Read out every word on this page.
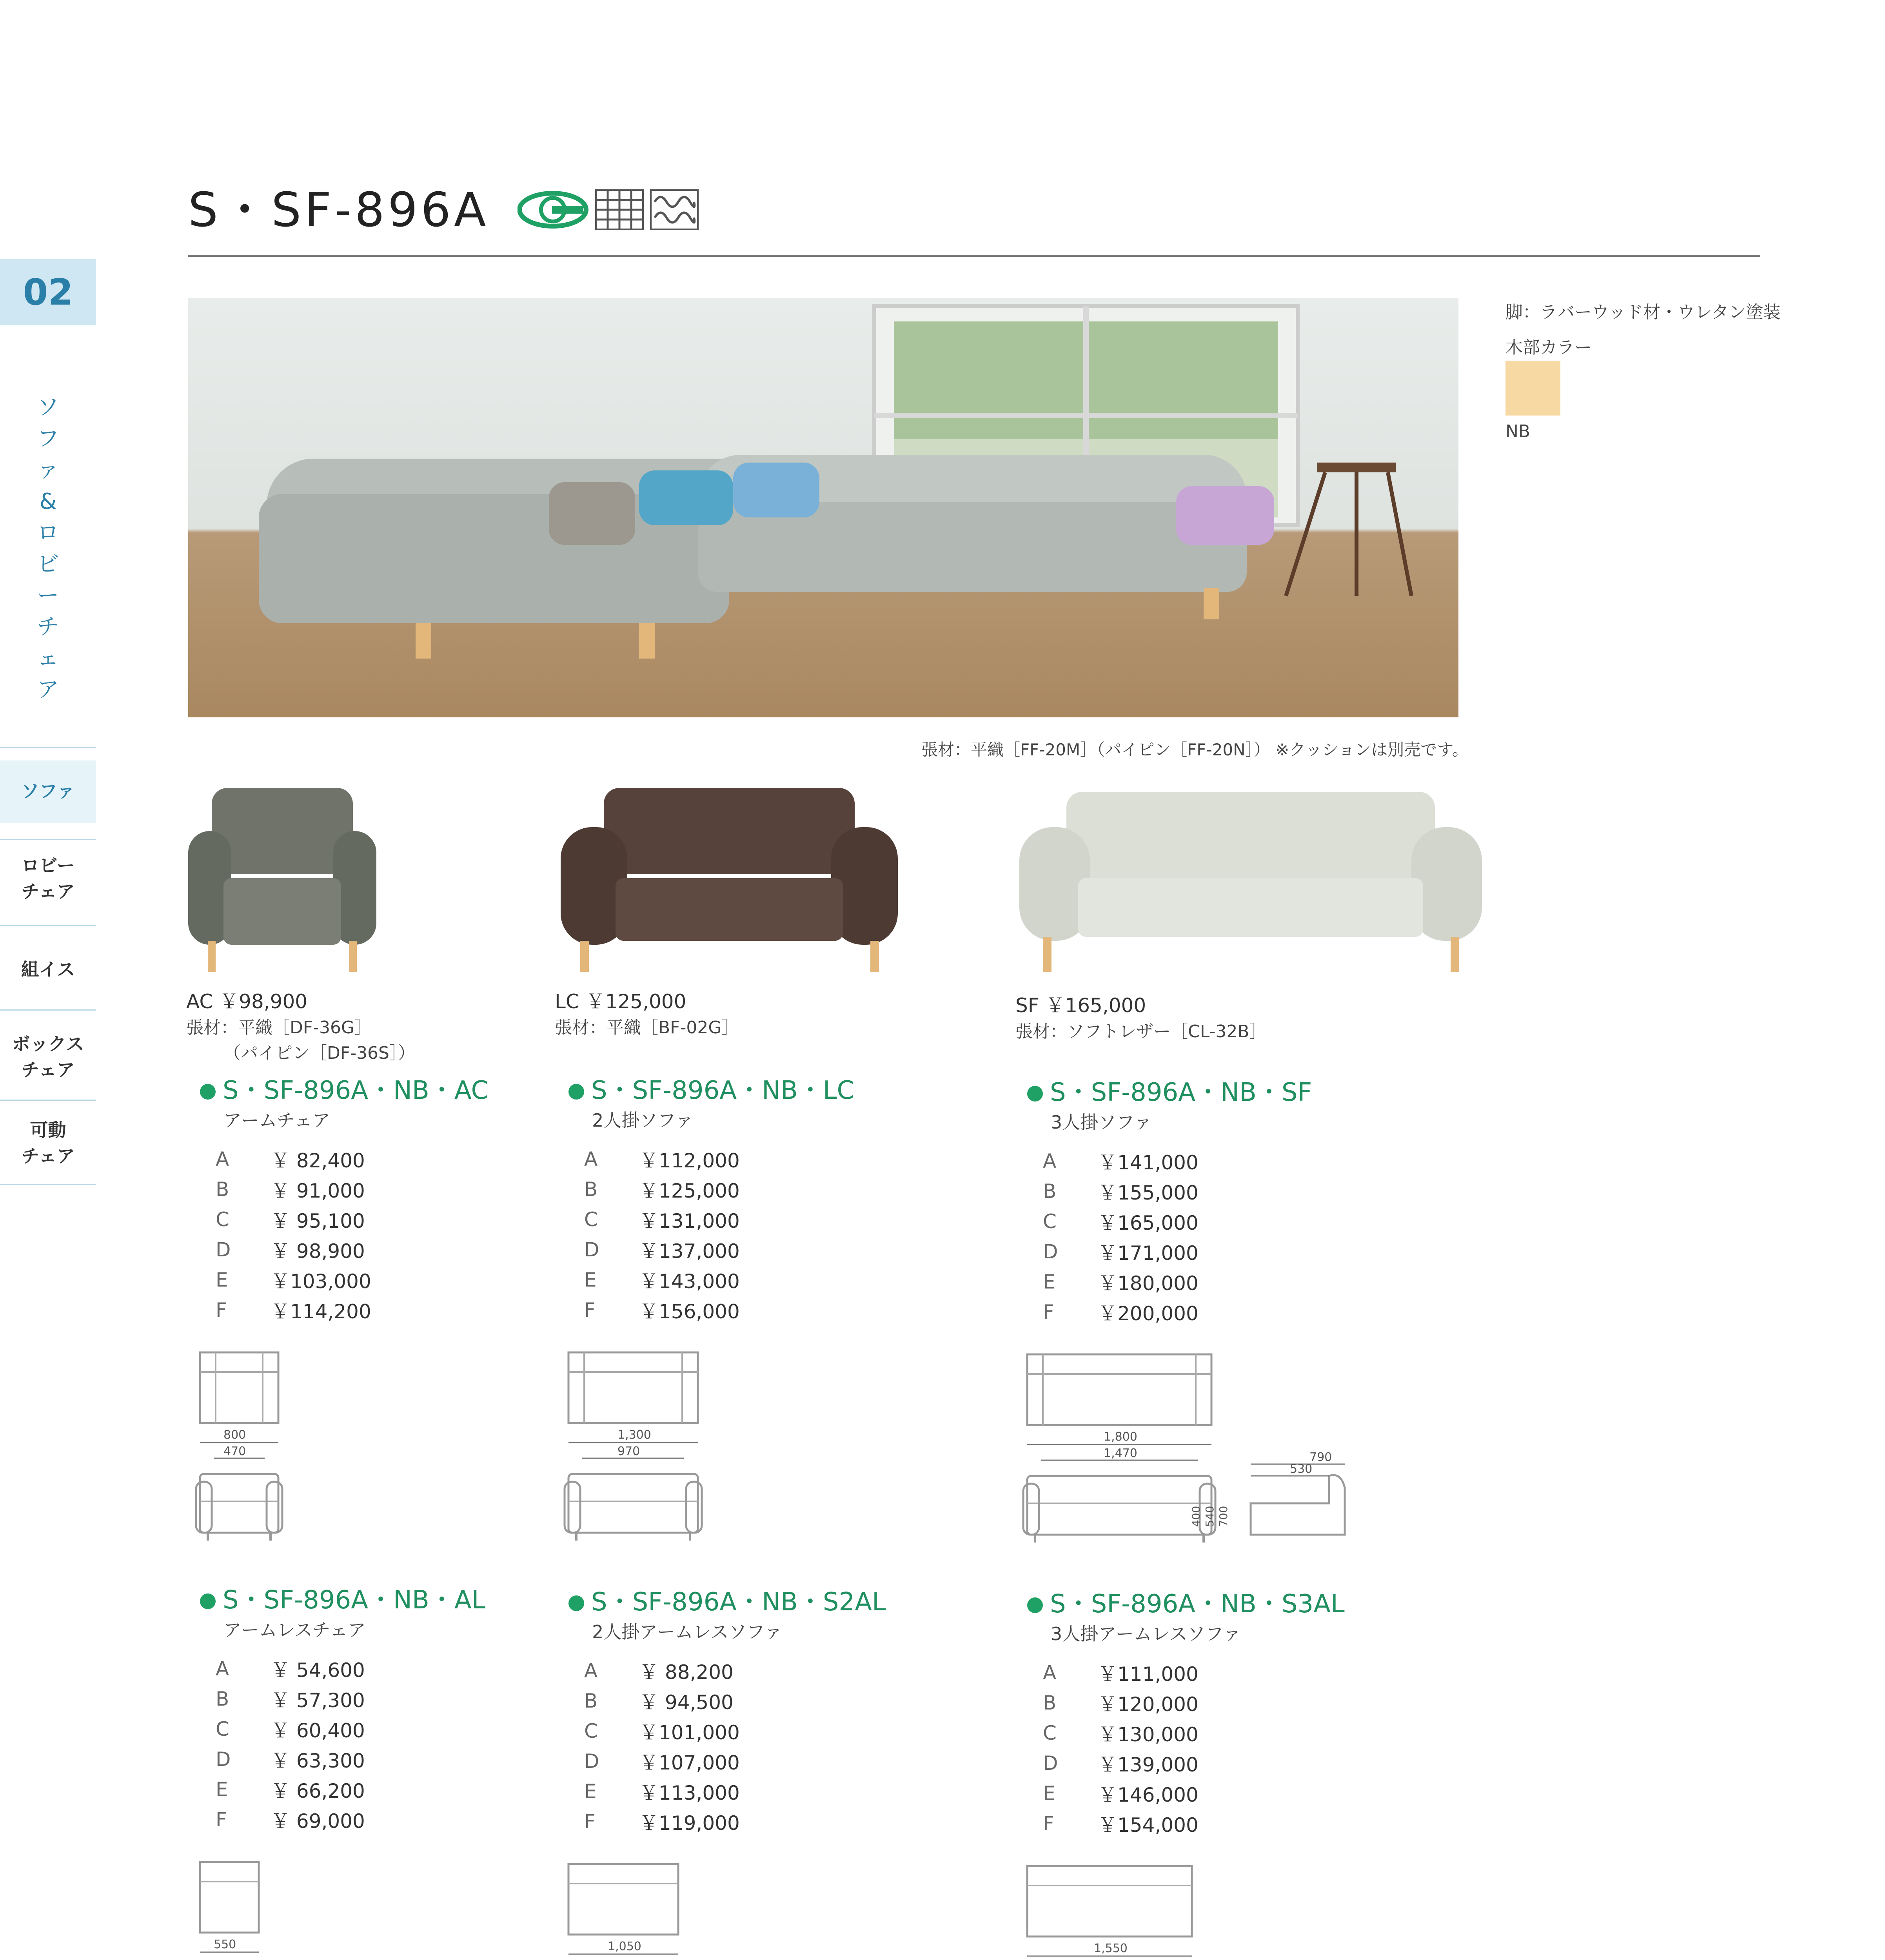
S・SF-896A
02
ソ
フ
ァ
&
ロ
ビ
ー
チ
ェ
ア
ソファ
ロビー
チェア
組イス
ボックス
チェア
可動
チェア
張材：平織［FF-20M］（パイピン［FF-20N］） ※クッションは別売です。
脚：ラバーウッド材・ウレタン塗装
木部カラー
NB
AC ￥98,900
張材：平織［DF-36G］
（パイピン［DF-36S］）
LC ￥125,000
張材：平織［BF-02G］
SF ￥165,000
張材：ソフトレザー［CL-32B］
S・SF-896A・NB・AC
アームチェア
A	￥ 82,400
B	￥ 91,000
C	￥ 95,100
D	￥ 98,900
E	￥103,000
F	￥114,200
800
470
S・SF-896A・NB・LC
2人掛ソファ
A	￥112,000
B	￥125,000
C	￥131,000
D	￥137,000
E	￥143,000
F	￥156,000
1,300
970
S・SF-896A・NB・SF
3人掛ソファ
A	￥141,000
B	￥155,000
C	￥165,000
D	￥171,000
E	￥180,000
F	￥200,000
1,800
1,470	790
530
700
540
400
S・SF-896A・NB・AL
アームレスチェア
A	￥ 54,600
B	￥ 57,300
C	￥ 60,400
D	￥ 63,300
E	￥ 66,200
F	￥ 69,000
550
S・SF-896A・NB・S2AL
2人掛アームレスソファ
A	￥ 88,200
B	￥ 94,500
C	￥101,000
D	￥107,000
E	￥113,000
F	￥119,000
1,050
S・SF-896A・NB・S3AL
3人掛アームレスソファ
A	￥111,000
B	￥120,000
C	￥130,000
D	￥139,000
E	￥146,000
F	￥154,000
1,550
